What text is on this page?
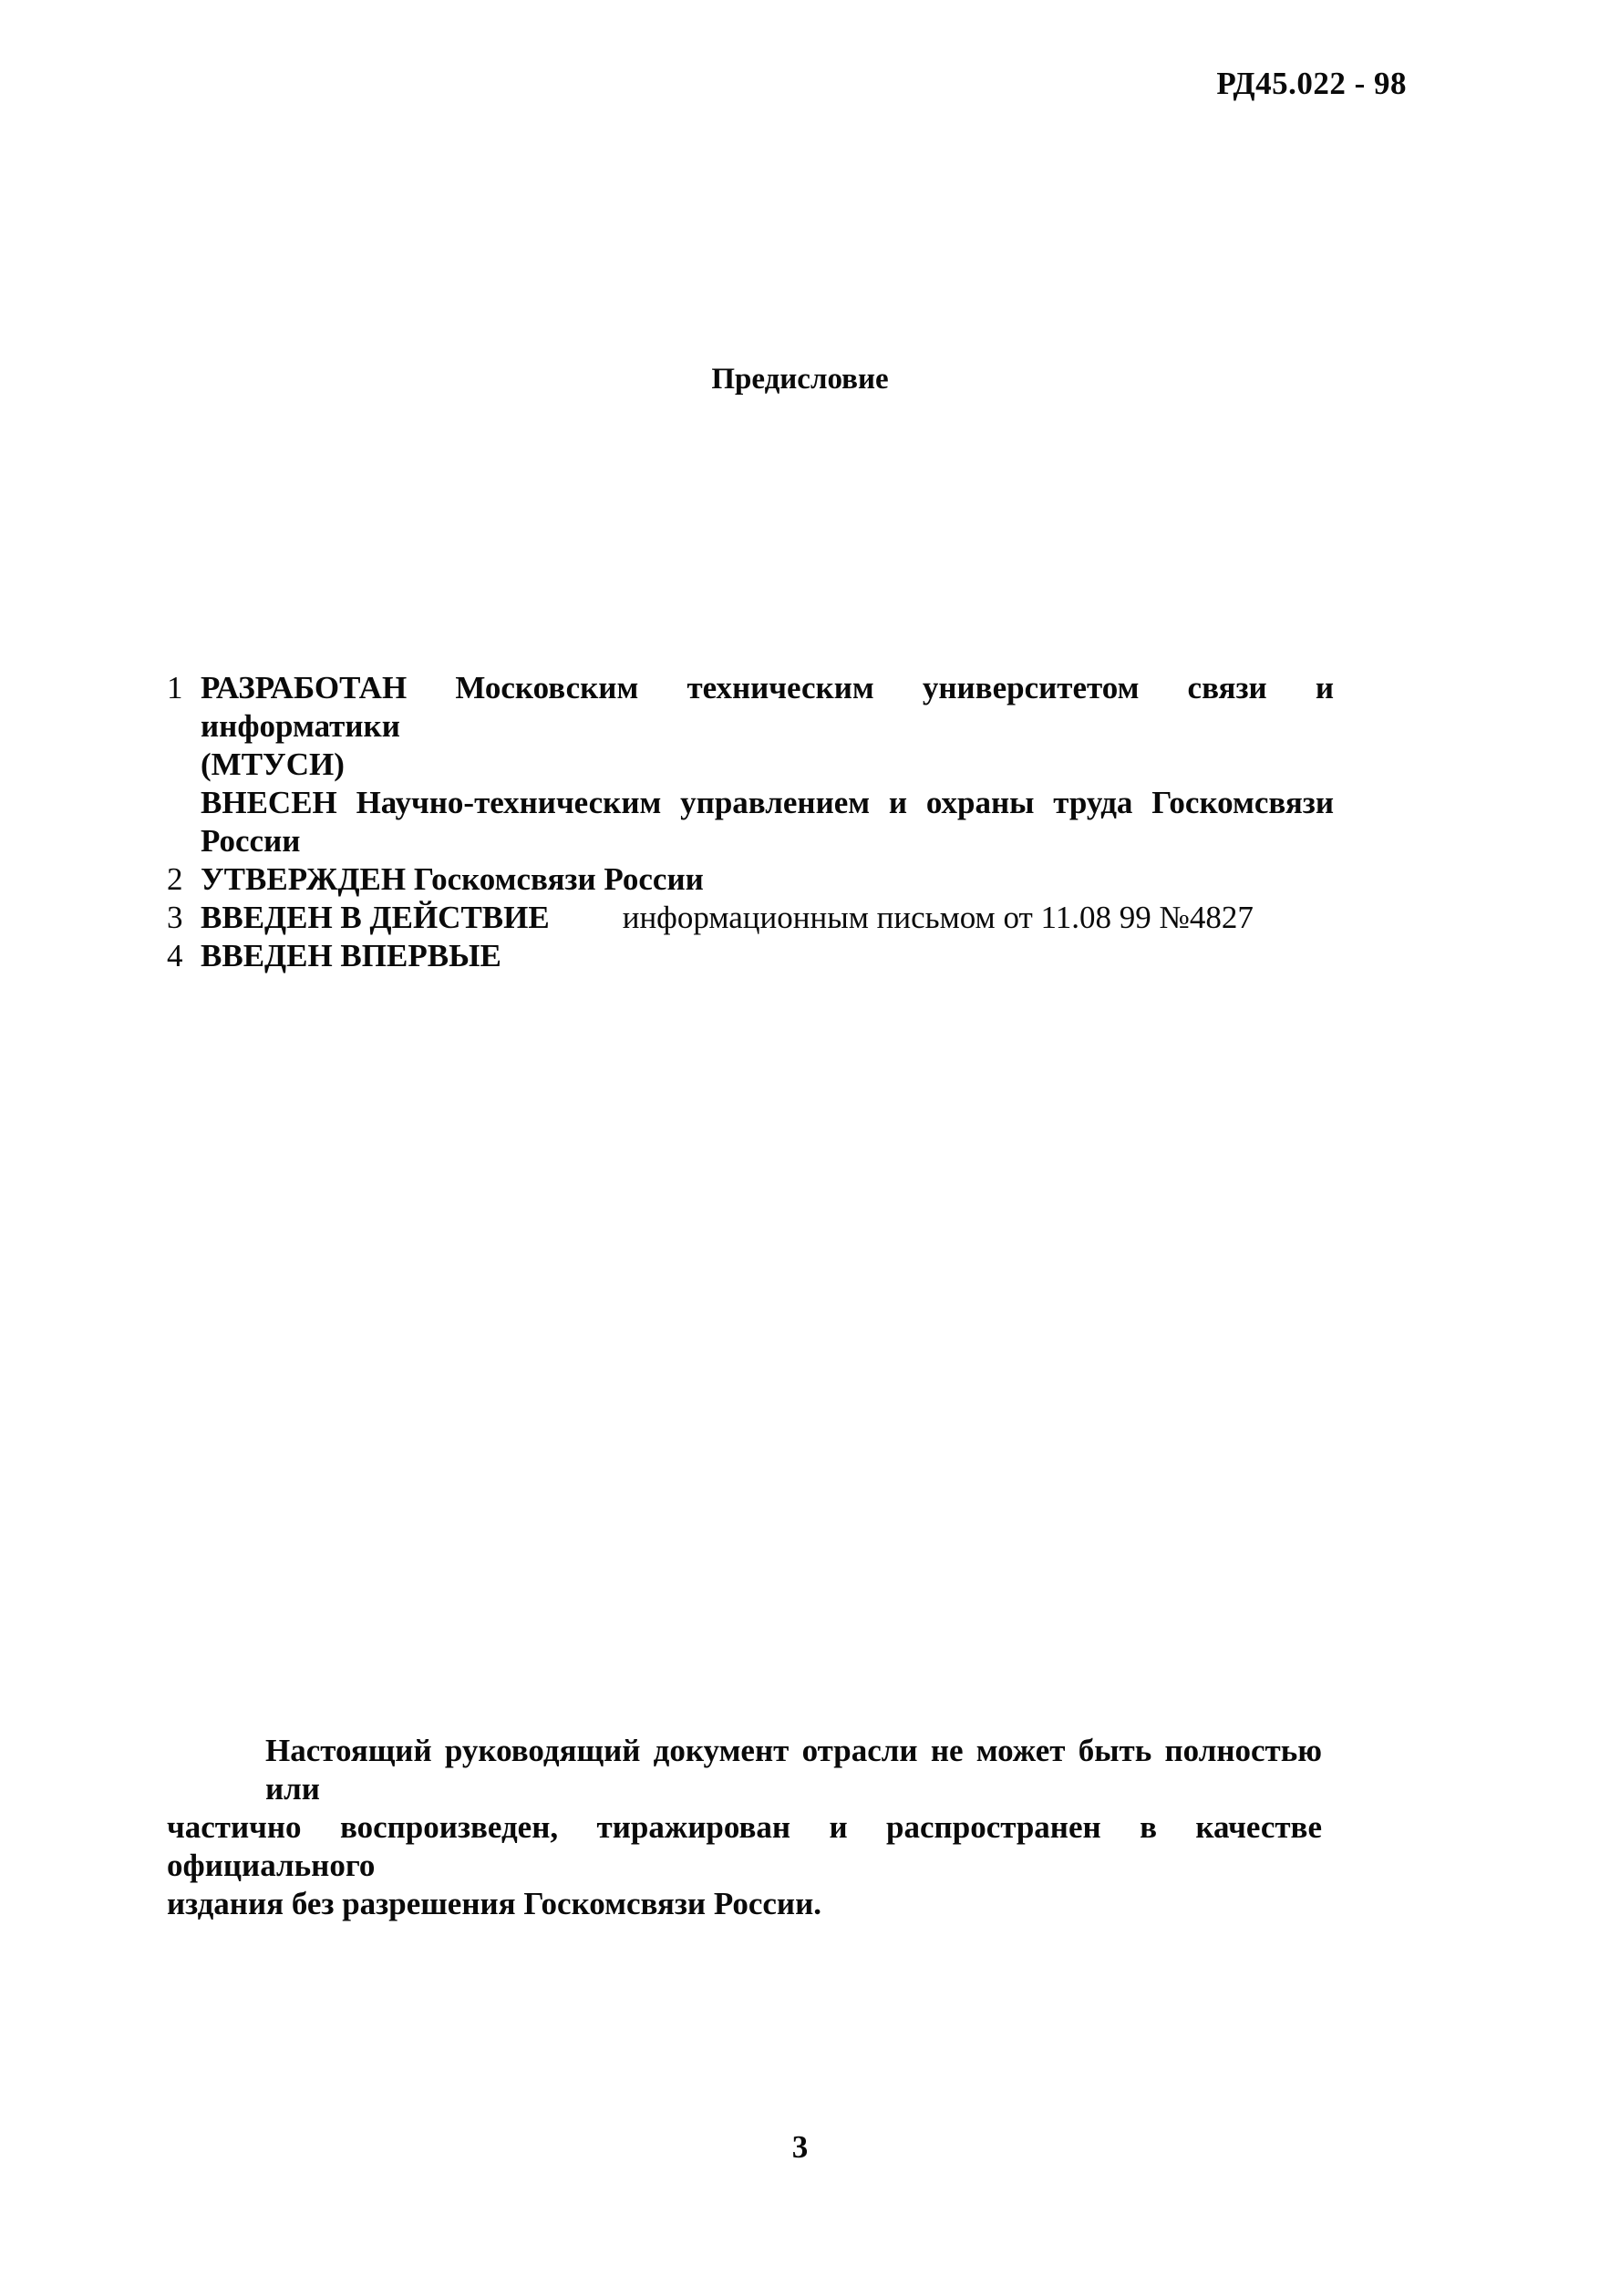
РД45.022 - 98
Предисловие
1 РАЗРАБОТАН Московским техническим университетом связи и информатики
(МТУСИ)
ВНЕСЕН Научно-техническим управлением и охраны труда Госкомсвязи
России
2 УТВЕРЖДЕН Госкомсвязи России
3 ВВЕДЕН В ДЕЙСТВИЕ информационным письмом от 11.08 99 №4827
4 ВВЕДЕН ВПЕРВЫЕ
Настоящий руководящий документ отрасли не может быть полностью или
частично воспроизведен, тиражирован и распространен в качестве официального
издания без разрешения Госкомсвязи России.
3
